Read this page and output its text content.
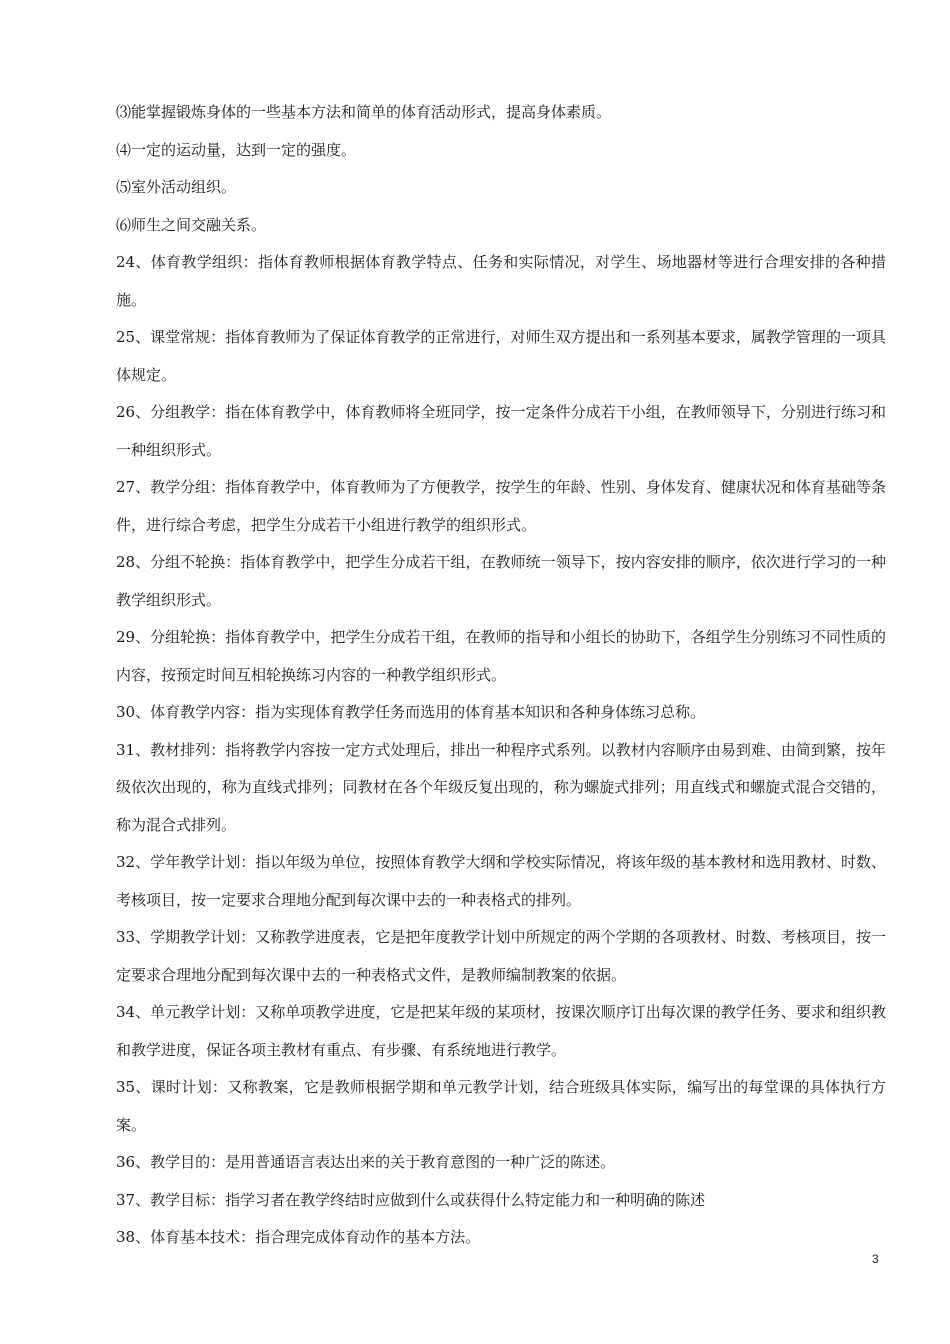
⑶能掌握锻炼身体的一些基本方法和简单的体育活动形式，提高身体素质。

⑷一定的运动量，达到一定的强度。

⑸室外活动组织。

⑹师生之间交融关系。

24、体育教学组织：指体育教师根据体育教学特点、任务和实际情况，对学生、场地器材等进行合理安排的各种措施。

25、课堂常规：指体育教师为了保证体育教学的正常进行，对师生双方提出和一系列基本要求，属教学管理的一项具体规定。

26、分组教学：指在体育教学中，体育教师将全班同学，按一定条件分成若干小组，在教师领导下，分别进行练习和一种组织形式。

27、教学分组：指体育教学中，体育教师为了方便教学，按学生的年龄、性别、身体发育、健康状况和体育基础等条件，进行综合考虑，把学生分成若干小组进行教学的组织形式。

28、分组不轮换：指体育教学中，把学生分成若干组，在教师统一领导下，按内容安排的顺序，依次进行学习的一种教学组织形式。

29、分组轮换：指体育教学中，把学生分成若干组，在教师的指导和小组长的协助下，各组学生分别练习不同性质的内容，按预定时间互相轮换练习内容的一种教学组织形式。

30、体育教学内容：指为实现体育教学任务而选用的体育基本知识和各种身体练习总称。

31、教材排列：指将教学内容按一定方式处理后，排出一种程序式系列。以教材内容顺序由易到难、由简到繁，按年级依次出现的，称为直线式排列；同教材在各个年级反复出现的，称为螺旋式排列；用直线式和螺旋式混合交错的，称为混合式排列。

32、学年教学计划：指以年级为单位，按照体育教学大纲和学校实际情况，将该年级的基本教材和选用教材、时数、考核项目，按一定要求合理地分配到每次课中去的一种表格式的排列。

33、学期教学计划：又称教学进度表，它是把年度教学计划中所规定的两个学期的各项教材、时数、考核项目，按一定要求合理地分配到每次课中去的一种表格式文件，是教师编制教案的依据。

34、单元教学计划：又称单项教学进度，它是把某年级的某项材，按课次顺序订出每次课的教学任务、要求和组织教和教学进度，保证各项主教材有重点、有步骤、有系统地进行教学。

35、课时计划：又称教案，它是教师根据学期和单元教学计划，结合班级具体实际，编写出的每堂课的具体执行方案。

36、教学目的：是用普通语言表达出来的关于教育意图的一种广泛的陈述。

37、教学目标：指学习者在教学终结时应做到什么或获得什么特定能力和一种明确的陈述

38、体育基本技术：指合理完成体育动作的基本方法。

3
